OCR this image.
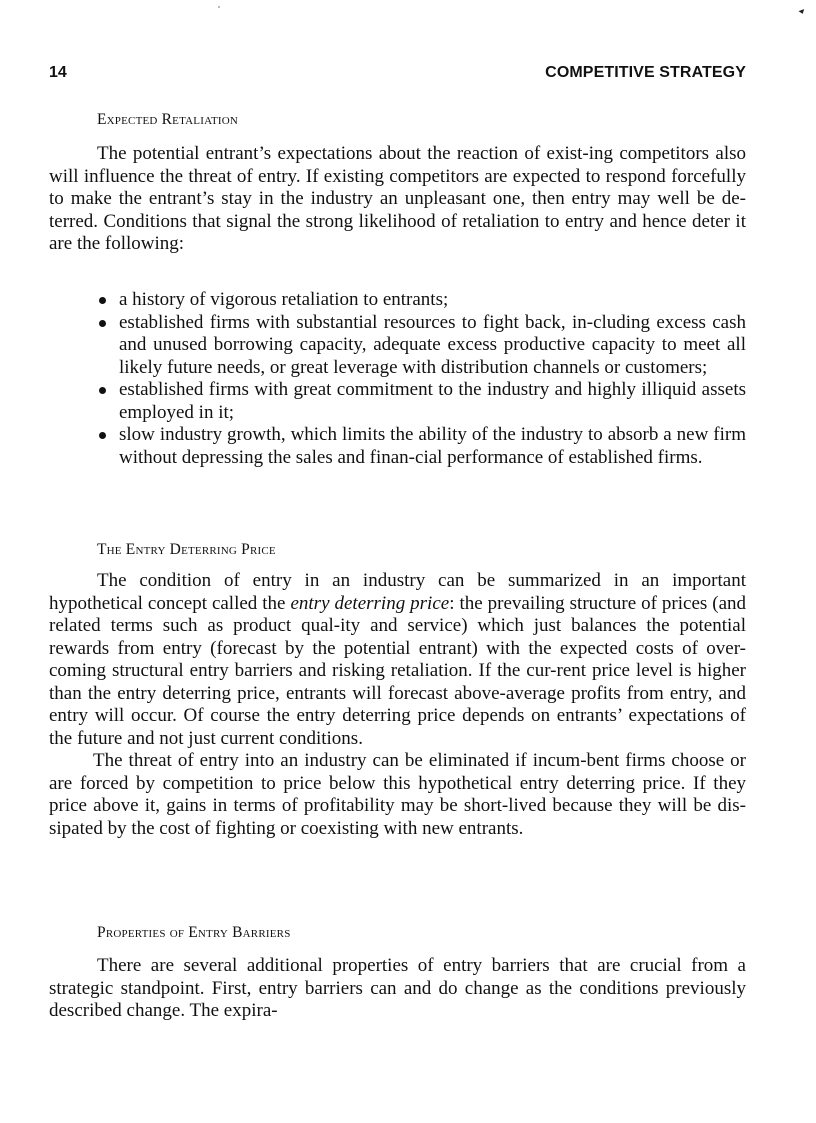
14	COMPETITIVE STRATEGY
Expected Retaliation

The potential entrant’s expectations about the reaction of exist-ing competitors also will influence the threat of entry. If existing competitors are expected to respond forcefully to make the entrant’s stay in the industry an unpleasant one, then entry may well be de-terred. Conditions that signal the strong likelihood of retaliation to entry and hence deter it are the following:

a history of vigorous retaliation to entrants;
established firms with substantial resources to fight back, in-cluding excess cash and unused borrowing capacity, adequate excess productive capacity to meet all likely future needs, or great leverage with distribution channels or customers;
established firms with great commitment to the industry and highly illiquid assets employed in it;
slow industry growth, which limits the ability of the industry to absorb a new firm without depressing the sales and finan-cial performance of established firms.
The Entry Deterring Price

The condition of entry in an industry can be summarized in an important hypothetical concept called the entry deterring price: the prevailing structure of prices (and related terms such as product qual-ity and service) which just balances the potential rewards from entry (forecast by the potential entrant) with the expected costs of over-coming structural entry barriers and risking retaliation. If the cur-rent price level is higher than the entry deterring price, entrants will forecast above-average profits from entry, and entry will occur. Of course the entry deterring price depends on entrants’ expectations of the future and not just current conditions.

The threat of entry into an industry can be eliminated if incum-bent firms choose or are forced by competition to price below this hypothetical entry deterring price. If they price above it, gains in terms of profitability may be short-lived because they will be dis-sipated by the cost of fighting or coexisting with new entrants.

Properties of Entry Barriers

There are several additional properties of entry barriers that are crucial from a strategic standpoint. First, entry barriers can and do change as the conditions previously described change. The expira-
